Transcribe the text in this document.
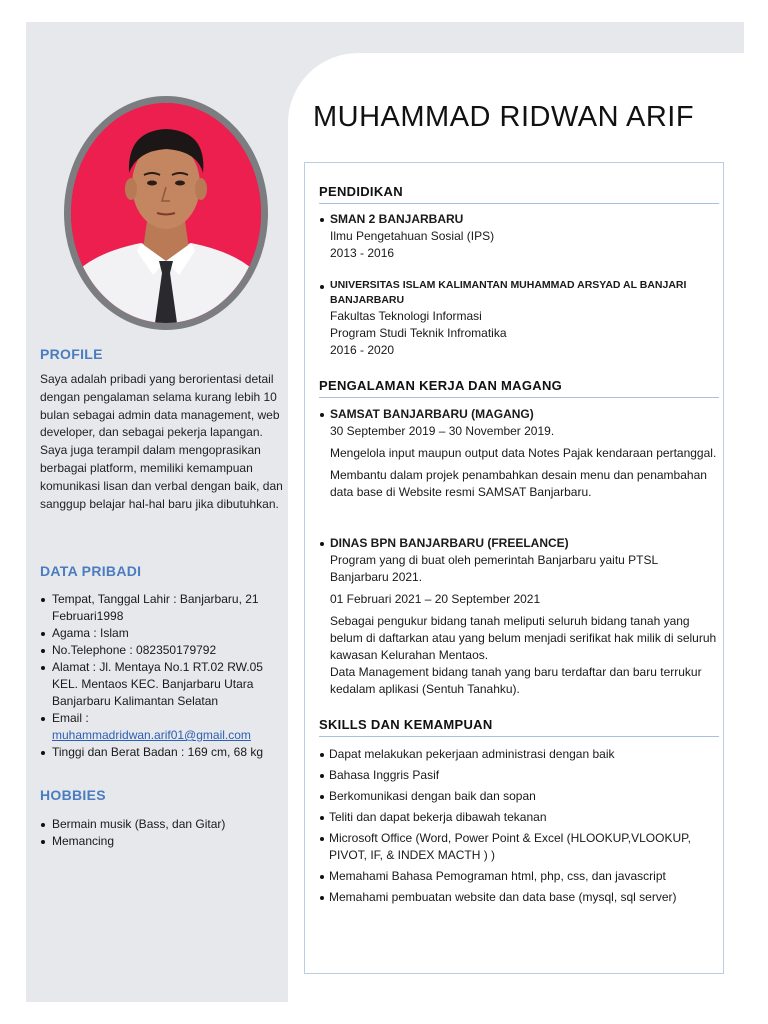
PROFILE
Saya adalah pribadi yang berorientasi detail dengan pengalaman selama kurang lebih 10 bulan sebagai admin data management, web developer, dan sebagai pekerja lapangan. Saya juga terampil dalam mengoprasikan berbagai platform, memiliki kemampuan komunikasi lisan dan verbal dengan baik, dan sanggup belajar hal-hal baru jika dibutuhkan.
DATA PRIBADI
Tempat, Tanggal Lahir : Banjarbaru, 21 Februari1998
Agama : Islam
No.Telephone : 082350179792
Alamat : Jl. Mentaya No.1 RT.02 RW.05 KEL. Mentaos KEC. Banjarbaru Utara Banjarbaru Kalimantan Selatan
Email :
muhammadridwan.arif01@gmail.com
Tinggi dan Berat Badan : 169 cm, 68 kg
HOBBIES
Bermain musik (Bass, dan Gitar)
Memancing
MUHAMMAD RIDWAN ARIF
PENDIDIKAN
SMAN 2 BANJARBARU
Ilmu Pengetahuan Sosial (IPS)
2013 - 2016
UNIVERSITAS ISLAM KALIMANTAN MUHAMMAD ARSYAD AL BANJARI BANJARBARU
Fakultas Teknologi Informasi
Program Studi Teknik Infromatika
2016 - 2020
PENGALAMAN KERJA DAN MAGANG
SAMSAT BANJARBARU (MAGANG)
30 September 2019 – 30 November 2019.
Mengelola input maupun output data Notes Pajak kendaraan pertanggal.
Membantu dalam projek penambahkan desain menu dan penambahan data base di Website resmi SAMSAT Banjarbaru.
DINAS BPN BANJARBARU (FREELANCE)
Program yang di buat oleh pemerintah Banjarbaru yaitu PTSL Banjarbaru 2021.
01 Februari 2021 – 20 September 2021
Sebagai pengukur bidang tanah meliputi seluruh bidang tanah yang belum di daftarkan atau yang belum menjadi serifikat hak milik di seluruh kawasan Kelurahan Mentaos.
Data Management bidang tanah yang baru terdaftar dan baru terrukur kedalam aplikasi (Sentuh Tanahku).
SKILLS DAN KEMAMPUAN
Dapat melakukan pekerjaan administrasi dengan baik
Bahasa Inggris Pasif
Berkomunikasi dengan baik dan sopan
Teliti dan dapat bekerja dibawah tekanan
Microsoft Office (Word, Power Point & Excel (HLOOKUP,VLOOKUP, PIVOT, IF, & INDEX MACTH ) )
Memahami Bahasa Pemograman html, php, css, dan javascript
Memahami pembuatan website dan data base (mysql, sql server)
